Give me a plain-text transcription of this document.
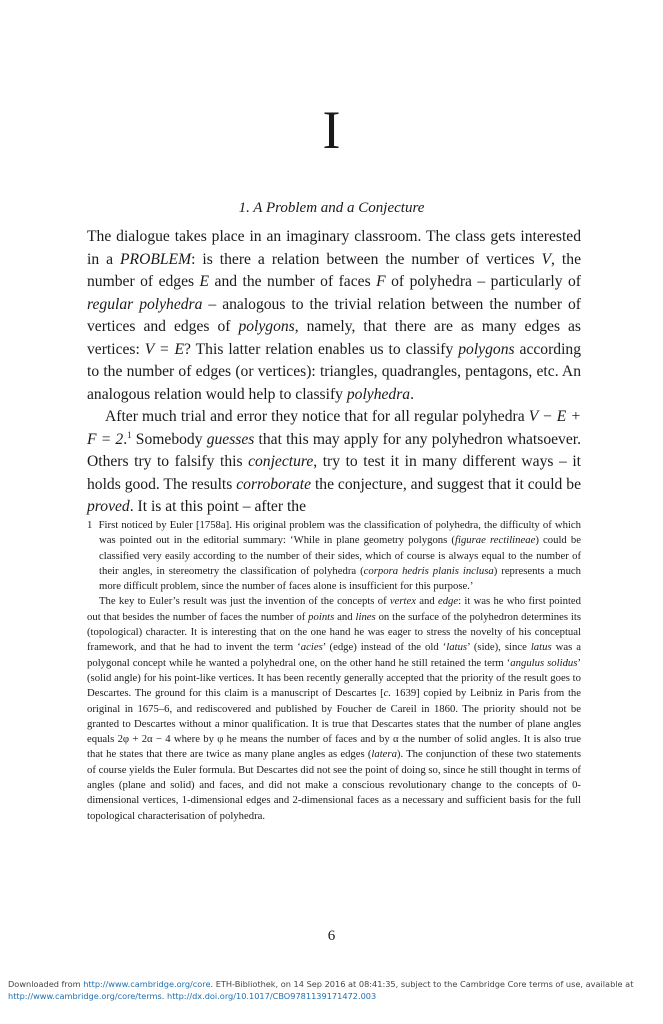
I
1. A Problem and a Conjecture

The dialogue takes place in an imaginary classroom. The class gets interested in a PROBLEM: is there a relation between the number of vertices V, the number of edges E and the number of faces F of polyhedra – particularly of regular polyhedra – analogous to the trivial relation between the number of vertices and edges of polygons, namely, that there are as many edges as vertices: V = E? This latter relation enables us to classify polygons according to the number of edges (or vertices): triangles, quadrangles, pentagons, etc. An analogous relation would help to classify polyhedra.

After much trial and error they notice that for all regular polyhedra V − E + F = 2.$^1$ Somebody guesses that this may apply for any polyhedron whatsoever. Others try to falsify this conjecture, try to test it in many different ways – it holds good. The results corroborate the conjecture, and suggest that it could be proved. It is at this point – after the

1 First noticed by Euler [1758a]. His original problem was the classification of polyhedra, the difficulty of which was pointed out in the editorial summary: ‘While in plane geometry polygons (figurae rectilineae) could be classified very easily according to the number of their sides, which of course is always equal to the number of their angles, in stereometry the classification of polyhedra (corpora hedris planis inclusa) represents a much more difficult problem, since the number of faces alone is insufficient for this purpose.’

The key to Euler’s result was just the invention of the concepts of vertex and edge: it was he who first pointed out that besides the number of faces the number of points and lines on the surface of the polyhedron determines its (topological) character. It is interesting that on the one hand he was eager to stress the novelty of his conceptual framework, and that he had to invent the term ‘acies’ (edge) instead of the old ‘latus’ (side), since latus was a polygonal concept while he wanted a polyhedral one, on the other hand he still retained the term ‘angulus solidus’ (solid angle) for his point-like vertices. It has been recently generally accepted that the priority of the result goes to Descartes. The ground for this claim is a manuscript of Descartes [c. 1639] copied by Leibniz in Paris from the original in 1675–6, and rediscovered and published by Foucher de Careil in 1860. The priority should not be granted to Descartes without a minor qualification. It is true that Descartes states that the number of plane angles equals 2φ + 2α − 4 where by φ he means the number of faces and by α the number of solid angles. It is also true that he states that there are twice as many plane angles as edges (latera). The conjunction of these two statements of course yields the Euler formula. But Descartes did not see the point of doing so, since he still thought in terms of angles (plane and solid) and faces, and did not make a conscious revolutionary change to the concepts of 0-dimensional vertices, 1-dimensional edges and 2-dimensional faces as a necessary and sufficient basis for the full topological characterisation of polyhedra.

6
Downloaded from http://www.cambridge.org/core. ETH-Bibliothek, on 14 Sep 2016 at 08:41:35, subject to the Cambridge Core terms of use, available at http://www.cambridge.org/core/terms. http://dx.doi.org/10.1017/CBO9781139171472.003
